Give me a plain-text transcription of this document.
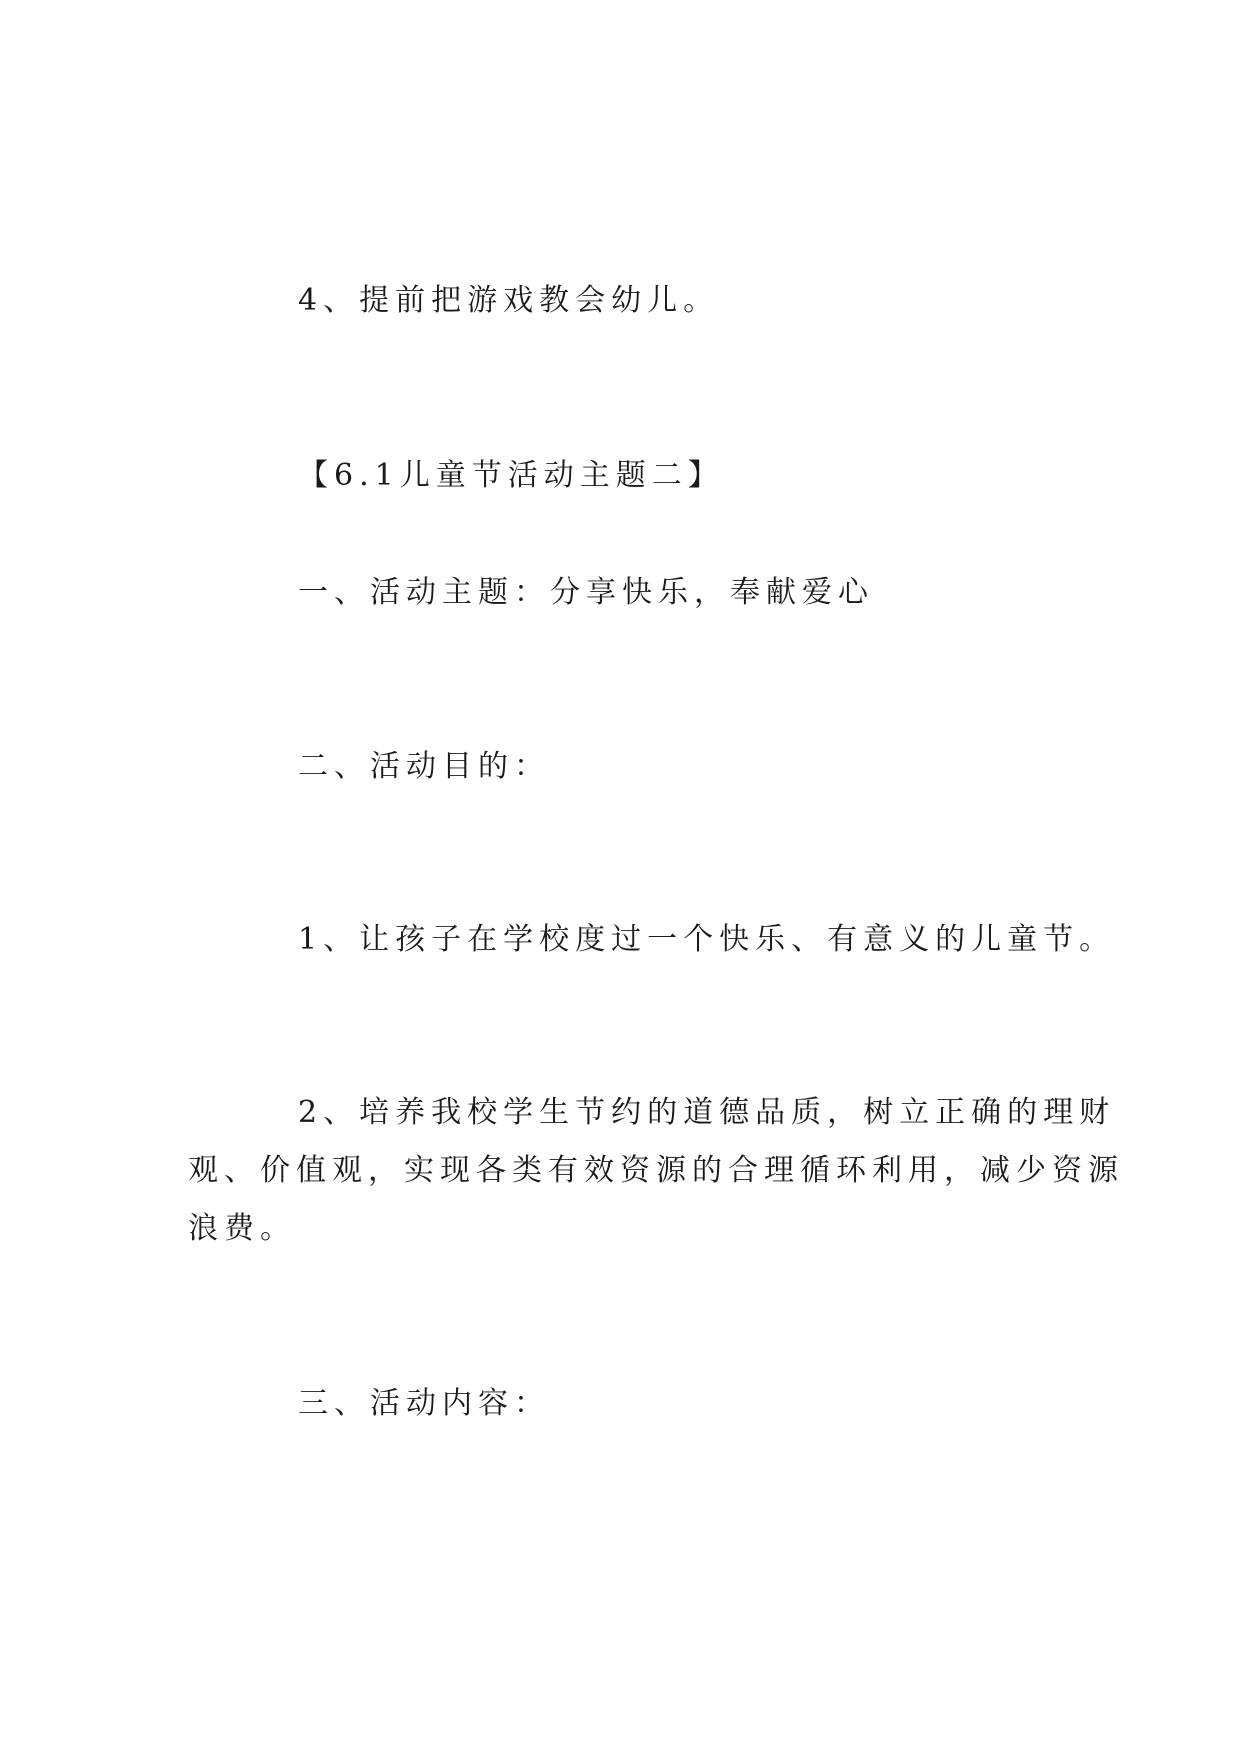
4、提前把游戏教会幼儿。
【6.1儿童节活动主题二】
一、活动主题：分享快乐，奉献爱心
二、活动目的：
1、让孩子在学校度过一个快乐、有意义的儿童节。
2、培养我校学生节约的道德品质，树立正确的理财
观、价值观，实现各类有效资源的合理循环利用，减少资源
浪费。
三、活动内容：
